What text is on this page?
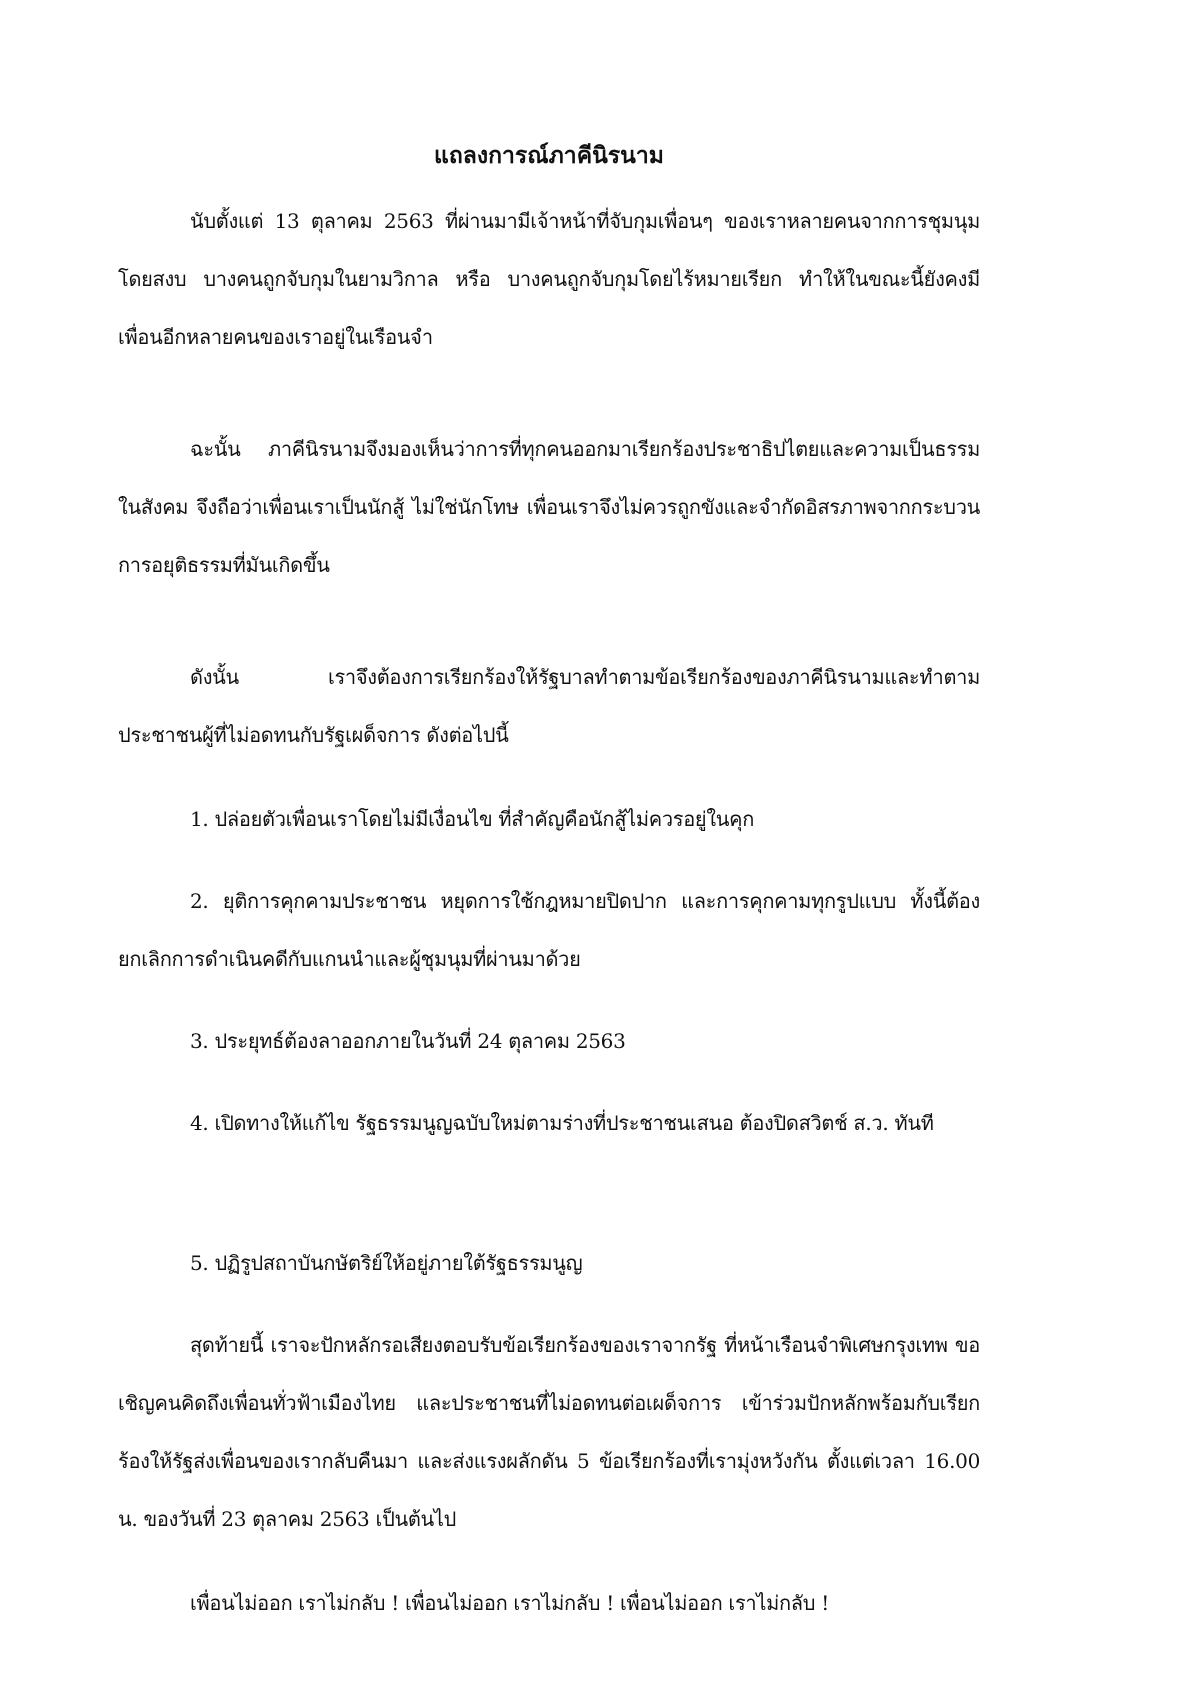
แถลงการณ์ภาคีนิรนาม

นับตั้งแต่ 13 ตุลาคม 2563 ที่ผ่านมามีเจ้าหน้าที่จับกุมเพื่อนๆ ของเราหลายคนจากการชุมนุมโดยสงบ บางคนถูกจับกุมในยามวิกาล หรือ บางคนถูกจับกุมโดยไร้หมายเรียก ทำให้ในขณะนี้ยังคงมีเพื่อนอีกหลายคนของเราอยู่ในเรือนจำ

ฉะนั้น ภาคีนิรนามจึงมองเห็นว่าการที่ทุกคนออกมาเรียกร้องประชาธิปไตยและความเป็นธรรมในสังคม จึงถือว่าเพื่อนเราเป็นนักสู้ ไม่ใช่นักโทษ เพื่อนเราจึงไม่ควรถูกขังและจำกัดอิสรภาพจากกระบวนการอยุติธรรมที่มันเกิดขึ้น

ดังนั้น เราจึงต้องการเรียกร้องให้รัฐบาลทำตามข้อเรียกร้องของภาคีนิรนามและทำตามประชาชนผู้ที่ไม่อดทนกับรัฐเผด็จการ ดังต่อไปนี้

1. ปล่อยตัวเพื่อนเราโดยไม่มีเงื่อนไข ที่สำคัญคือนักสู้ไม่ควรอยู่ในคุก

2. ยุติการคุกคามประชาชน หยุดการใช้กฎหมายปิดปาก และการคุกคามทุกรูปแบบ ทั้งนี้ต้องยกเลิกการดำเนินคดีกับแกนนำและผู้ชุมนุมที่ผ่านมาด้วย

3. ประยุทธ์ต้องลาออกภายในวันที่ 24 ตุลาคม 2563

4. เปิดทางให้แก้ไข รัฐธรรมนูญฉบับใหม่ตามร่างที่ประชาชนเสนอ ต้องปิดสวิตช์ ส.ว. ทันที

5. ปฏิรูปสถาบันกษัตริย์ให้อยู่ภายใต้รัฐธรรมนูญ

สุดท้ายนี้ เราจะปักหลักรอเสียงตอบรับข้อเรียกร้องของเราจากรัฐ ที่หน้าเรือนจำพิเศษกรุงเทพ ขอเชิญคนคิดถึงเพื่อนทั่วฟ้าเมืองไทย และประชาชนที่ไม่อดทนต่อเผด็จการ เข้าร่วมปักหลักพร้อมกับเรียกร้องให้รัฐส่งเพื่อนของเรากลับคืนมา และส่งแรงผลักดัน 5 ข้อเรียกร้องที่เรามุ่งหวังกัน ตั้งแต่เวลา 16.00 น. ของวันที่ 23 ตุลาคม 2563 เป็นต้นไป

เพื่อนไม่ออก เราไม่กลับ ! เพื่อนไม่ออก เราไม่กลับ ! เพื่อนไม่ออก เราไม่กลับ !
